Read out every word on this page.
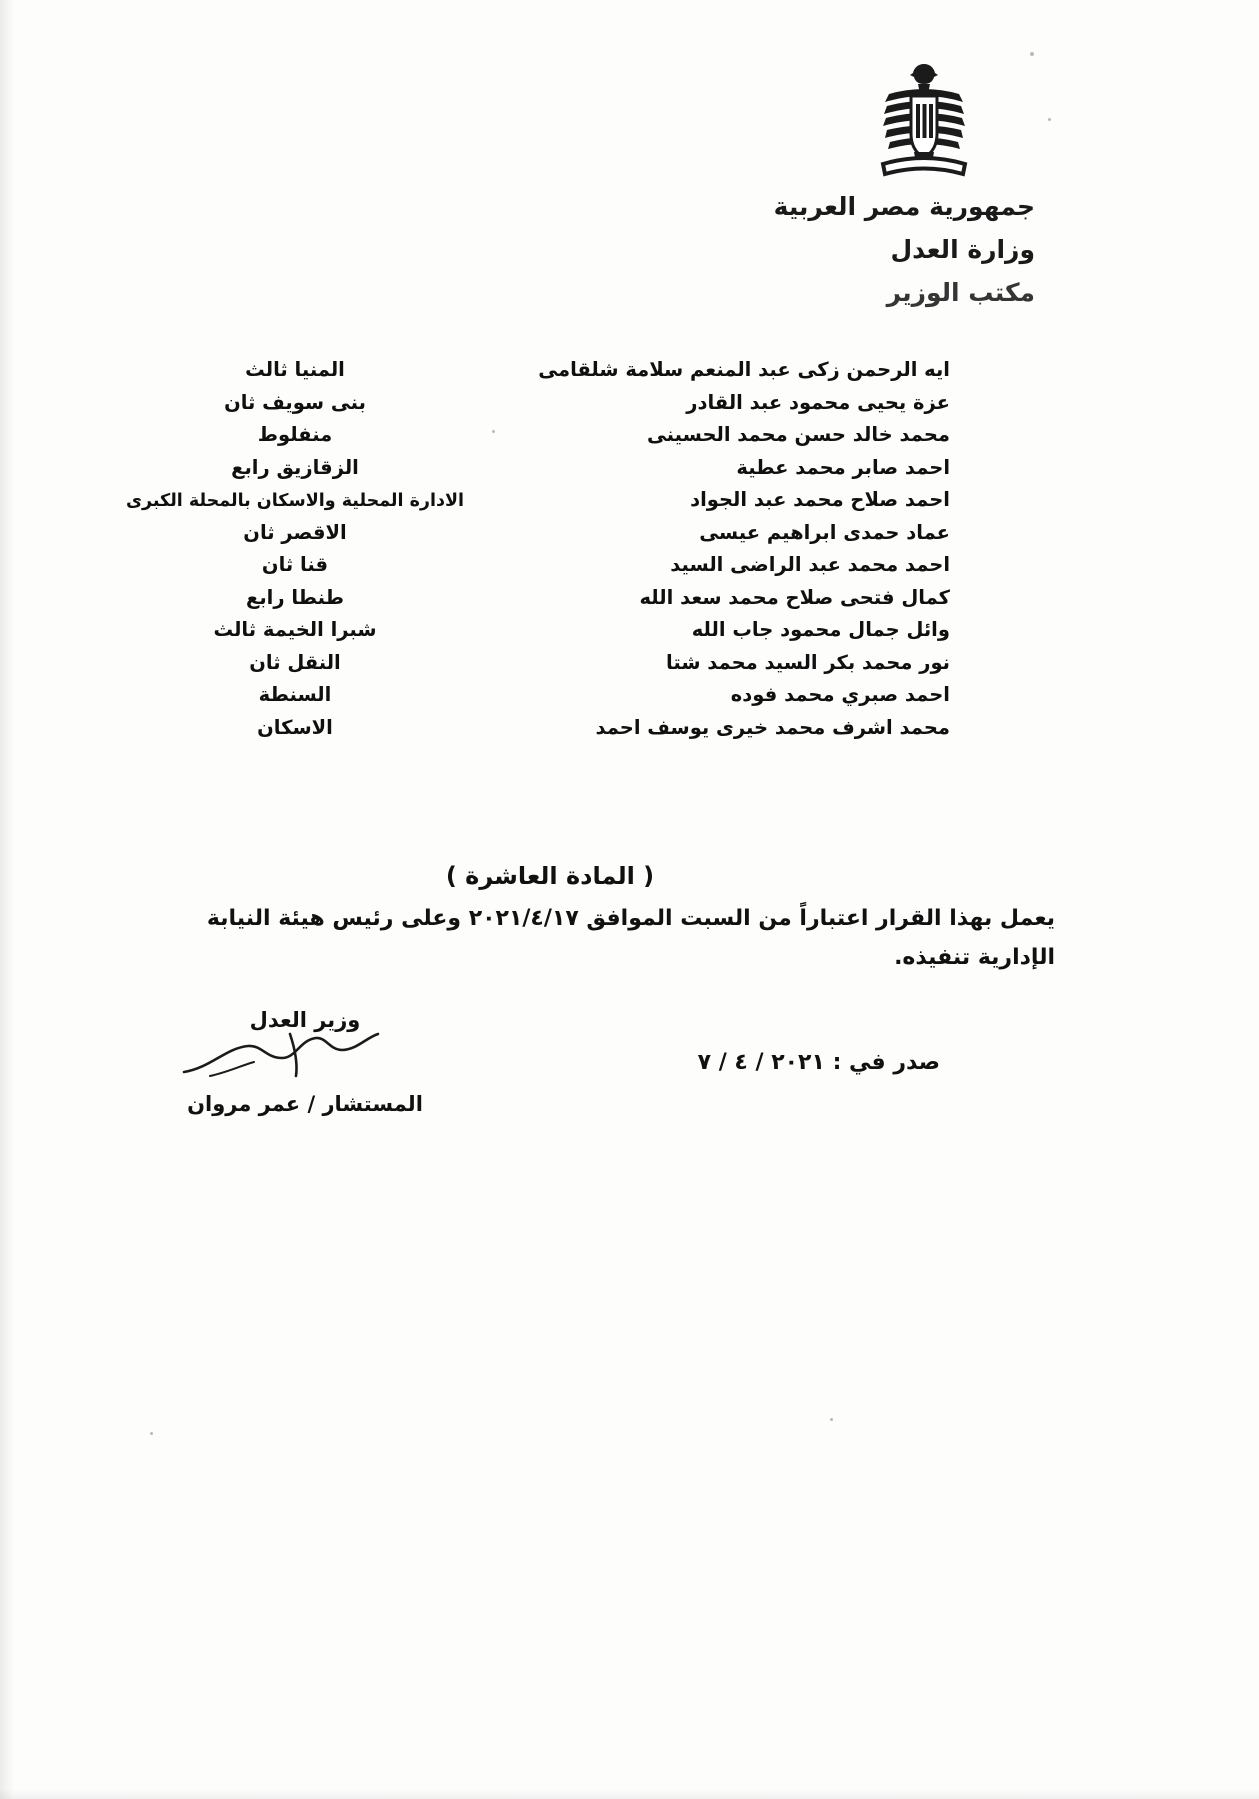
جمهورية مصر العربية
وزارة العدل
مكتب الوزير
ايه الرحمن زكى عبد المنعم سلامة شلقامى
المنيا ثالث
عزة يحيى محمود عبد القادر
بنى سويف ثان
محمد خالد حسن محمد الحسينى
منفلوط
احمد صابر محمد عطية
الزقازيق رابع
احمد صلاح محمد عبد الجواد
الادارة المحلية والاسكان بالمحلة الكبرى
عماد حمدى ابراهيم عيسى
الاقصر ثان
احمد محمد عبد الراضى السيد
قنا ثان
كمال فتحى صلاح محمد سعد الله
طنطا رابع
وائل جمال محمود جاب الله
شبرا الخيمة ثالث
نور محمد بكر السيد محمد شتا
النقل ثان
احمد صبري محمد فوده
السنطة
محمد اشرف محمد خيرى يوسف احمد
الاسكان
( المادة العاشرة )
يعمل بهذا القرار اعتباراً من السبت الموافق ٢٠٢١/٤/١٧ وعلى رئيس هيئة النيابة الإدارية تنفيذه.
صدر في : ٢٠٢١ / ٤ / ٧
وزير العدل
المستشار / عمر مروان
